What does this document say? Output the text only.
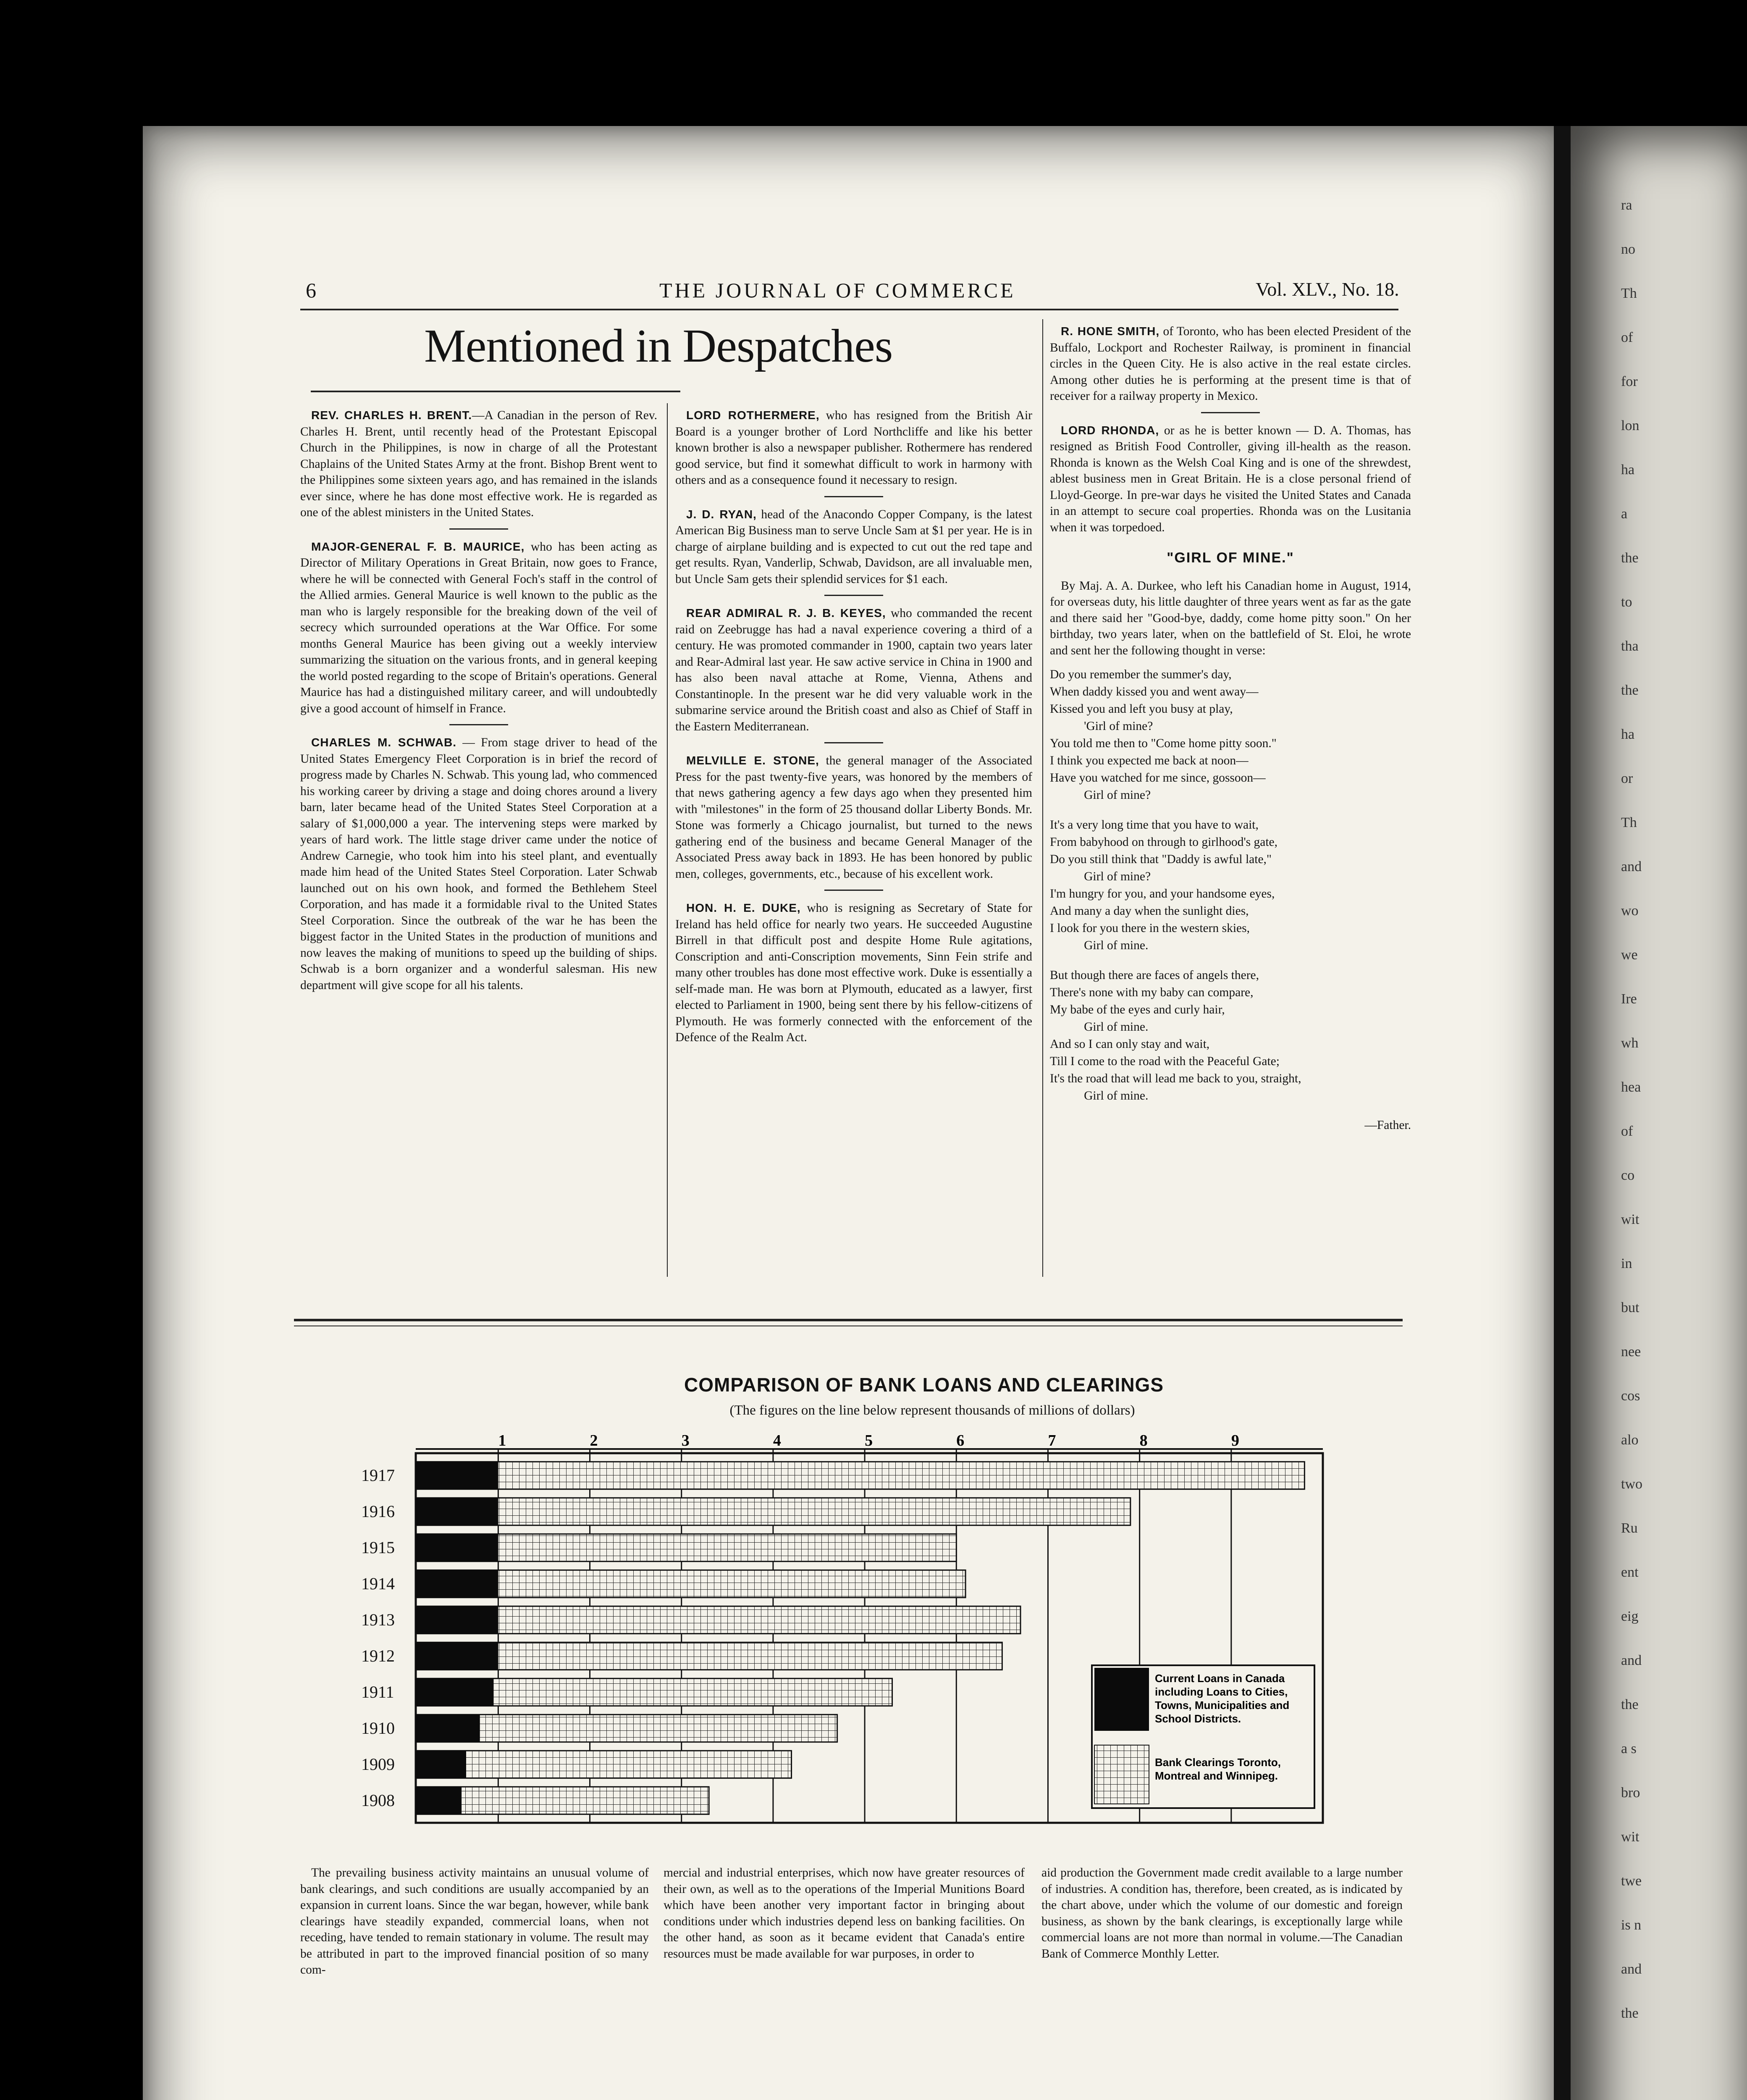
ra
no
Th
of
for
lon
ha
a
the
to
tha
the
ha
or
Th
and
wo
we
Ire
wh
hea
of
co
wit
in
but
nee
cos
alo
two
Ru
ent
eig
and
the
a s
bro
wit
twe
is n
and
the
6	THE JOURNAL OF COMMERCE	Vol. XLV., No. 18.
Mentioned in Despatches

REV. CHARLES H. BRENT.—A Canadian in the person of Rev. Charles H. Brent, until recently head of the Protestant Episcopal Church in the Philippines, is now in charge of all the Protestant Chaplains of the United States Army at the front. Bishop Brent went to the Philippines some sixteen years ago, and has remained in the islands ever since, where he has done most effective work. He is regarded as one of the ablest ministers in the United States.

MAJOR-GENERAL F. B. MAURICE, who has been acting as Director of Military Operations in Great Britain, now goes to France, where he will be connected with General Foch's staff in the control of the Allied armies. General Maurice is well known to the public as the man who is largely responsible for the breaking down of the veil of secrecy which surrounded operations at the War Office. For some months General Maurice has been giving out a weekly interview summarizing the situation on the various fronts, and in general keeping the world posted regarding to the scope of Britain's operations. General Maurice has had a distinguished military career, and will undoubtedly give a good account of himself in France.

CHARLES M. SCHWAB. — From stage driver to head of the United States Emergency Fleet Corporation is in brief the record of progress made by Charles N. Schwab. This young lad, who commenced his working career by driving a stage and doing chores around a livery barn, later became head of the United States Steel Corporation at a salary of $1,000,000 a year. The intervening steps were marked by years of hard work. The little stage driver came under the notice of Andrew Carnegie, who took him into his steel plant, and eventually made him head of the United States Steel Corporation. Later Schwab launched out on his own hook, and formed the Bethlehem Steel Corporation, and has made it a formidable rival to the United States Steel Corporation. Since the outbreak of the war he has been the biggest factor in the United States in the production of munitions and now leaves the making of munitions to speed up the building of ships. Schwab is a born organizer and a wonderful salesman. His new department will give scope for all his talents.

LORD ROTHERMERE, who has resigned from the British Air Board is a younger brother of Lord Northcliffe and like his better known brother is also a newspaper publisher. Rothermere has rendered good service, but find it somewhat difficult to work in harmony with others and as a consequence found it necessary to resign.

J. D. RYAN, head of the Anacondo Copper Company, is the latest American Big Business man to serve Uncle Sam at $1 per year. He is in charge of airplane building and is expected to cut out the red tape and get results. Ryan, Vanderlip, Schwab, Davidson, are all invaluable men, but Uncle Sam gets their splendid services for $1 each.

REAR ADMIRAL R. J. B. KEYES, who commanded the recent raid on Zeebrugge has had a naval experience covering a third of a century. He was promoted commander in 1900, captain two years later and Rear-Admiral last year. He saw active service in China in 1900 and has also been naval attache at Rome, Vienna, Athens and Constantinople. In the present war he did very valuable work in the submarine service around the British coast and also as Chief of Staff in the Eastern Mediterranean.

MELVILLE E. STONE, the general manager of the Associated Press for the past twenty-five years, was honored by the members of that news gathering agency a few days ago when they presented him with "milestones" in the form of 25 thousand dollar Liberty Bonds. Mr. Stone was formerly a Chicago journalist, but turned to the news gathering end of the business and became General Manager of the Associated Press away back in 1893. He has been honored by public men, colleges, governments, etc., because of his excellent work.

HON. H. E. DUKE, who is resigning as Secretary of State for Ireland has held office for nearly two years. He succeeded Augustine Birrell in that difficult post and despite Home Rule agitations, Conscription and anti-Conscription movements, Sinn Fein strife and many other troubles has done most effective work. Duke is essentially a self-made man. He was born at Plymouth, educated as a lawyer, first elected to Parliament in 1900, being sent there by his fellow-citizens of Plymouth. He was formerly connected with the enforcement of the Defence of the Realm Act.

R. HONE SMITH, of Toronto, who has been elected President of the Buffalo, Lockport and Rochester Railway, is prominent in financial circles in the Queen City. He is also active in the real estate circles. Among other duties he is performing at the present time is that of receiver for a railway property in Mexico.

LORD RHONDA, or as he is better known — D. A. Thomas, has resigned as British Food Controller, giving ill-health as the reason. Rhonda is known as the Welsh Coal King and is one of the shrewdest, ablest business men in Great Britain. He is a close personal friend of Lloyd-George. In pre-war days he visited the United States and Canada in an attempt to secure coal properties. Rhonda was on the Lusitania when it was torpedoed.

"GIRL OF MINE."

By Maj. A. A. Durkee, who left his Canadian home in August, 1914, for overseas duty, his little daughter of three years went as far as the gate and there said her "Good-bye, daddy, come home pitty soon." On her birthday, two years later, when on the battlefield of St. Eloi, he wrote and sent her the following thought in verse:

Do you remember the summer's day,
When daddy kissed you and went away—
Kissed you and left you busy at play,
'Girl of mine?
You told me then to "Come home pitty soon."
I think you expected me back at noon—
Have you watched for me since, gossoon—
Girl of mine?
It's a very long time that you have to wait,
From babyhood on through to girlhood's gate,
Do you still think that "Daddy is awful late,"
Girl of mine?
I'm hungry for you, and your handsome eyes,
And many a day when the sunlight dies,
I look for you there in the western skies,
Girl of mine.
But though there are faces of angels there,
There's none with my baby can compare,
My babe of the eyes and curly hair,
Girl of mine.
And so I can only stay and wait,
Till I come to the road with the Peaceful Gate;
It's the road that will lead me back to you, straight,
Girl of mine.
—Father.
COMPARISON OF BANK LOANS AND CLEARINGS
(The figures on the line below represent thousands of millions of dollars)
1917
1916
1915
1914
1913
1912
1911
1910
1909
1908
1	2	3	4	5	6	7	8	9
Current Loans in Canada including Loans to Cities, Towns, Municipalities and School Districts.
Bank Clearings Toronto, Montreal and Winnipeg.

The prevailing business activity maintains an unusual volume of bank clearings, and such conditions are usually accompanied by an expansion in current loans. Since the war began, however, while bank clearings have steadily expanded, commercial loans, when not receding, have tended to remain stationary in volume. The result may be attributed in part to the improved financial position of so many com-

mercial and industrial enterprises, which now have greater resources of their own, as well as to the operations of the Imperial Munitions Board which have been another very important factor in bringing about conditions under which industries depend less on banking facilities. On the other hand, as soon as it became evident that Canada's entire resources must be made available for war purposes, in order to

aid production the Government made credit available to a large number of industries. A condition has, therefore, been created, as is indicated by the chart above, under which the volume of our domestic and foreign business, as shown by the bank clearings, is exceptionally large while commercial loans are not more than normal in volume.—The Canadian Bank of Commerce Monthly Letter.
